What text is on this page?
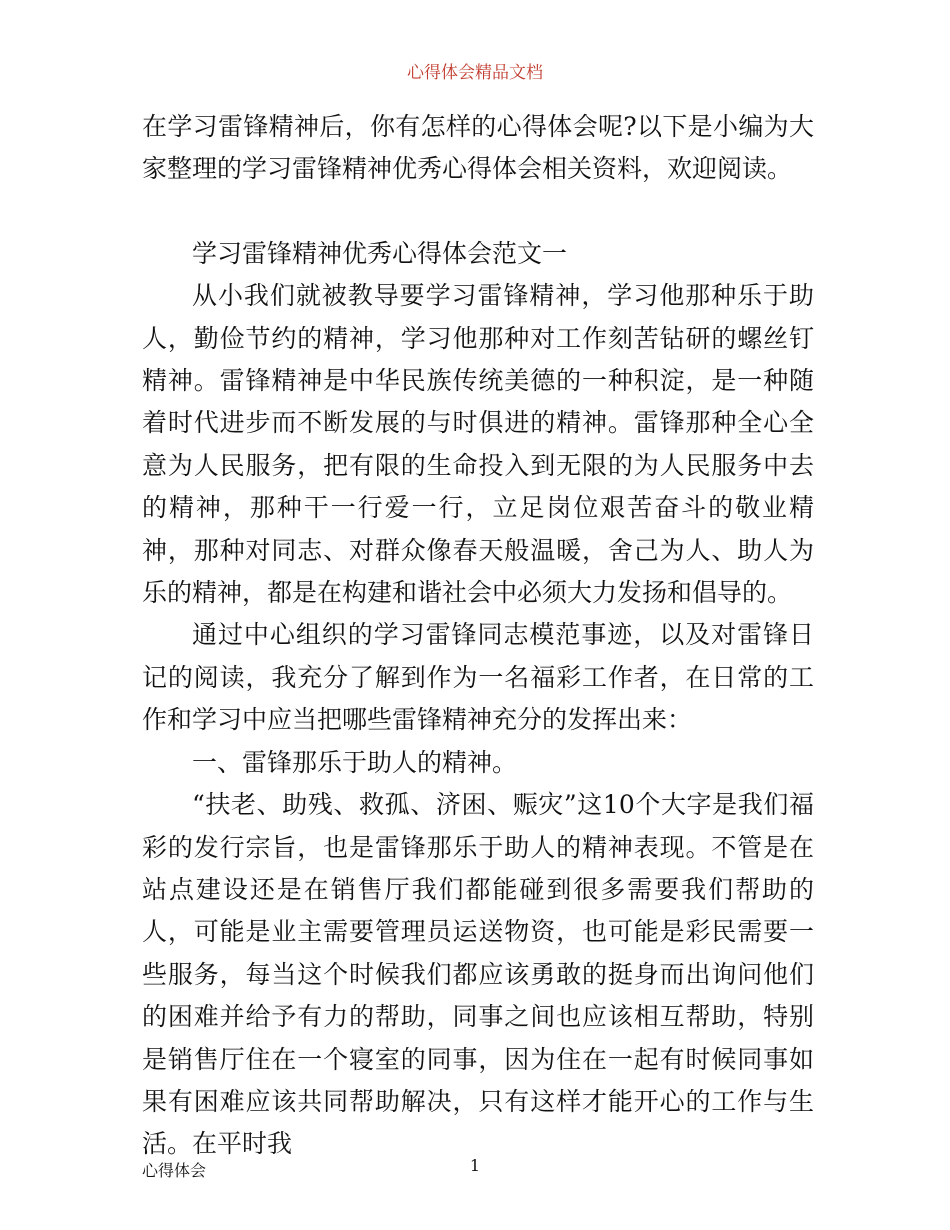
心得体会精品文档

在学习雷锋精神后，你有怎样的心得体会呢?以下是小编为大家整理的学习雷锋精神优秀心得体会相关资料，欢迎阅读。

学习雷锋精神优秀心得体会范文一

从小我们就被教导要学习雷锋精神，学习他那种乐于助人，勤俭节约的精神，学习他那种对工作刻苦钻研的螺丝钉精神。雷锋精神是中华民族传统美德的一种积淀，是一种随着时代进步而不断发展的与时俱进的精神。雷锋那种全心全意为人民服务，把有限的生命投入到无限的为人民服务中去的精神，那种干一行爱一行，立足岗位艰苦奋斗的敬业精神，那种对同志、对群众像春天般温暖，舍己为人、助人为乐的精神，都是在构建和谐社会中必须大力发扬和倡导的。

通过中心组织的学习雷锋同志模范事迹，以及对雷锋日记的阅读，我充分了解到作为一名福彩工作者，在日常的工作和学习中应当把哪些雷锋精神充分的发挥出来：

一、雷锋那乐于助人的精神。

“扶老、助残、救孤、济困、赈灾”这10个大字是我们福彩的发行宗旨，也是雷锋那乐于助人的精神表现。不管是在站点建设还是在销售厅我们都能碰到很多需要我们帮助的人，可能是业主需要管理员运送物资，也可能是彩民需要一些服务，每当这个时候我们都应该勇敢的挺身而出询问他们的困难并给予有力的帮助，同事之间也应该相互帮助，特别是销售厅住在一个寝室的同事，因为住在一起有时候同事如果有困难应该共同帮助解决，只有这样才能开心的工作与生活。在平时我

心得体会	1
